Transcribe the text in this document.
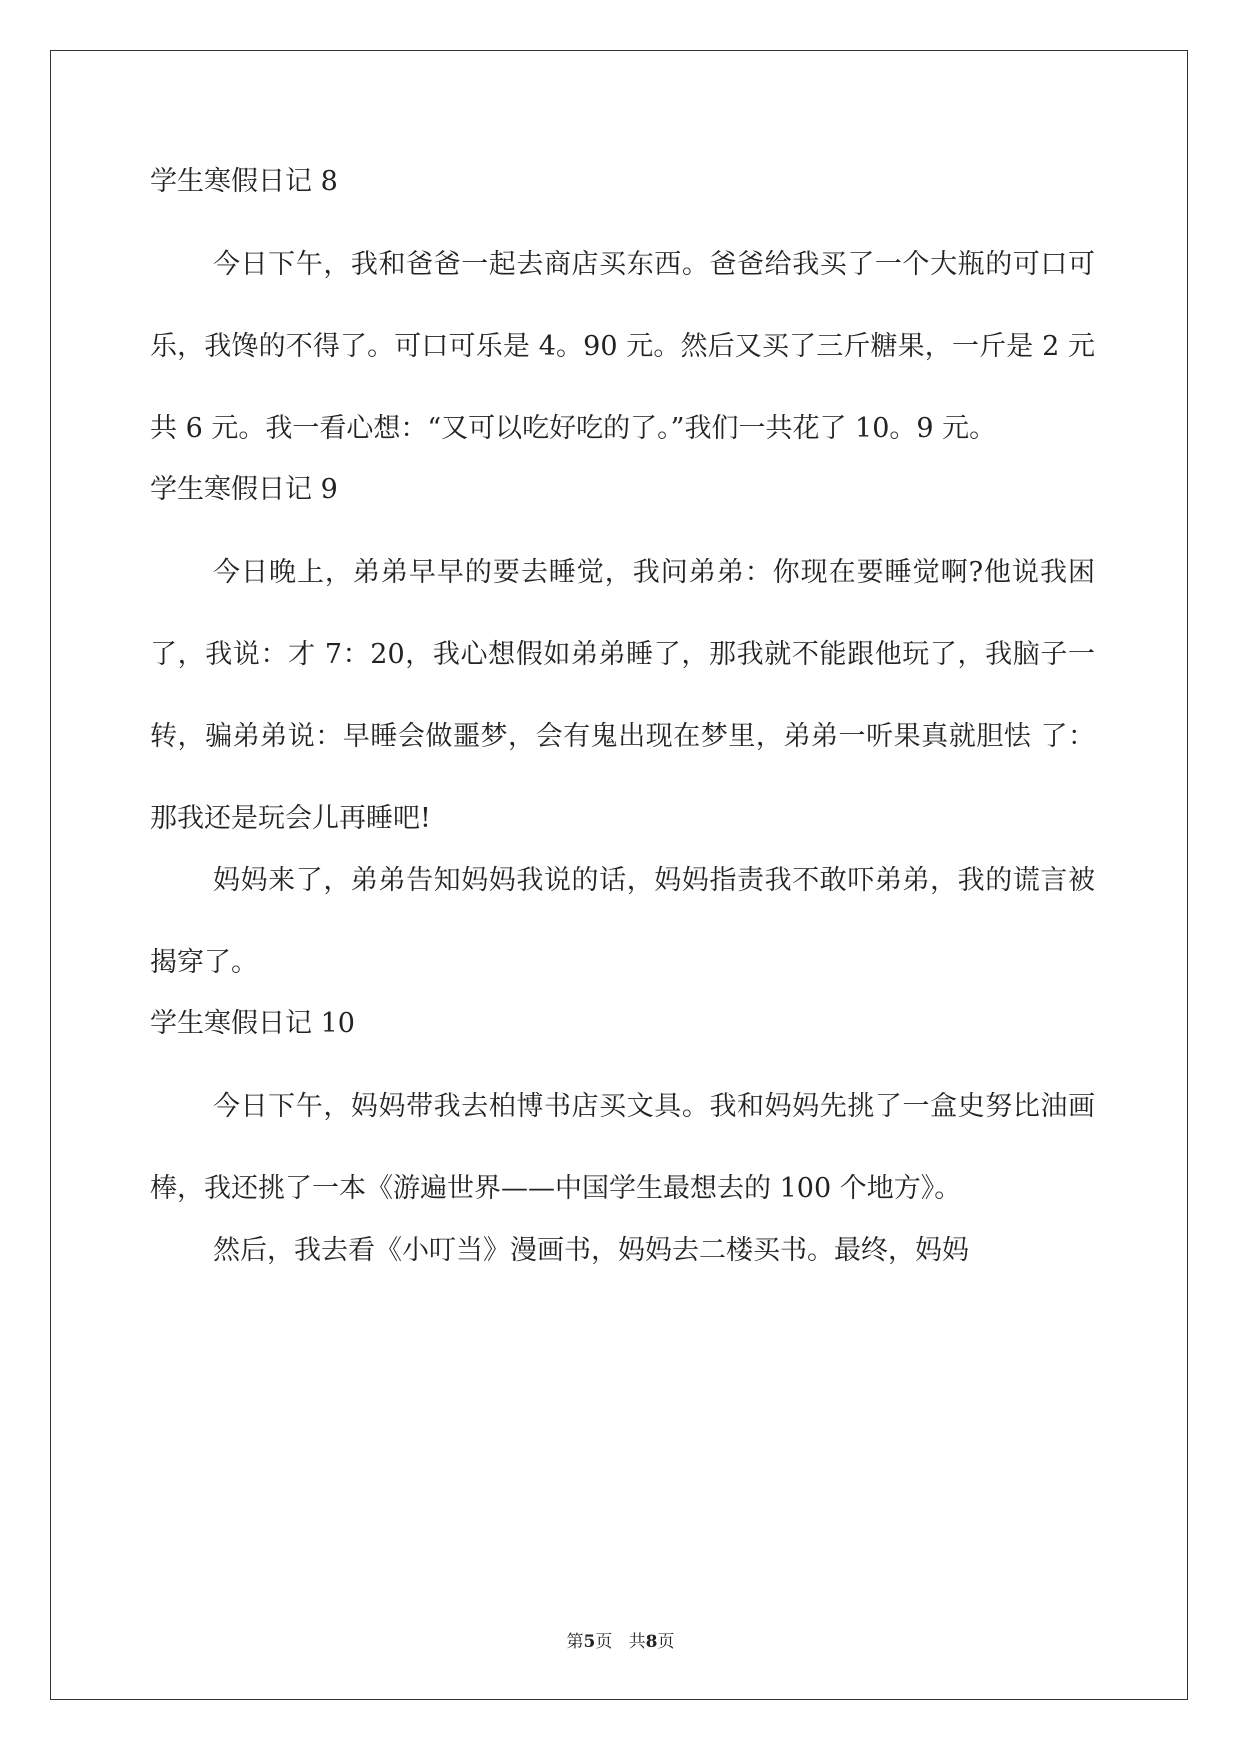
学生寒假日记 8

今日下午，我和爸爸一起去商店买东西。爸爸给我买了一个大瓶的可口可乐，我馋的不得了。可口可乐是 4。90 元。然后又买了三斤糖果，一斤是 2 元共 6 元。我一看心想：“又可以吃好吃的了。”我们一共花了 10。9 元。

学生寒假日记 9

今日晚上，弟弟早早的要去睡觉，我问弟弟：你现在要睡觉啊?他说我困了，我说：才 7：20，我心想假如弟弟睡了，那我就不能跟他玩了，我脑子一转，骗弟弟说：早睡会做噩梦，会有鬼出现在梦里，弟弟一听果真就胆怯 了：那我还是玩会儿再睡吧!

妈妈来了，弟弟告知妈妈我说的话，妈妈指责我不敢吓弟弟，我的谎言被揭穿了。

学生寒假日记 10

今日下午，妈妈带我去柏博书店买文具。我和妈妈先挑了一盒史努比油画棒，我还挑了一本《游遍世界——中国学生最想去的 100 个地方》。

然后，我去看《小叮当》漫画书，妈妈去二楼买书。最终，妈妈

第5页   共8页
